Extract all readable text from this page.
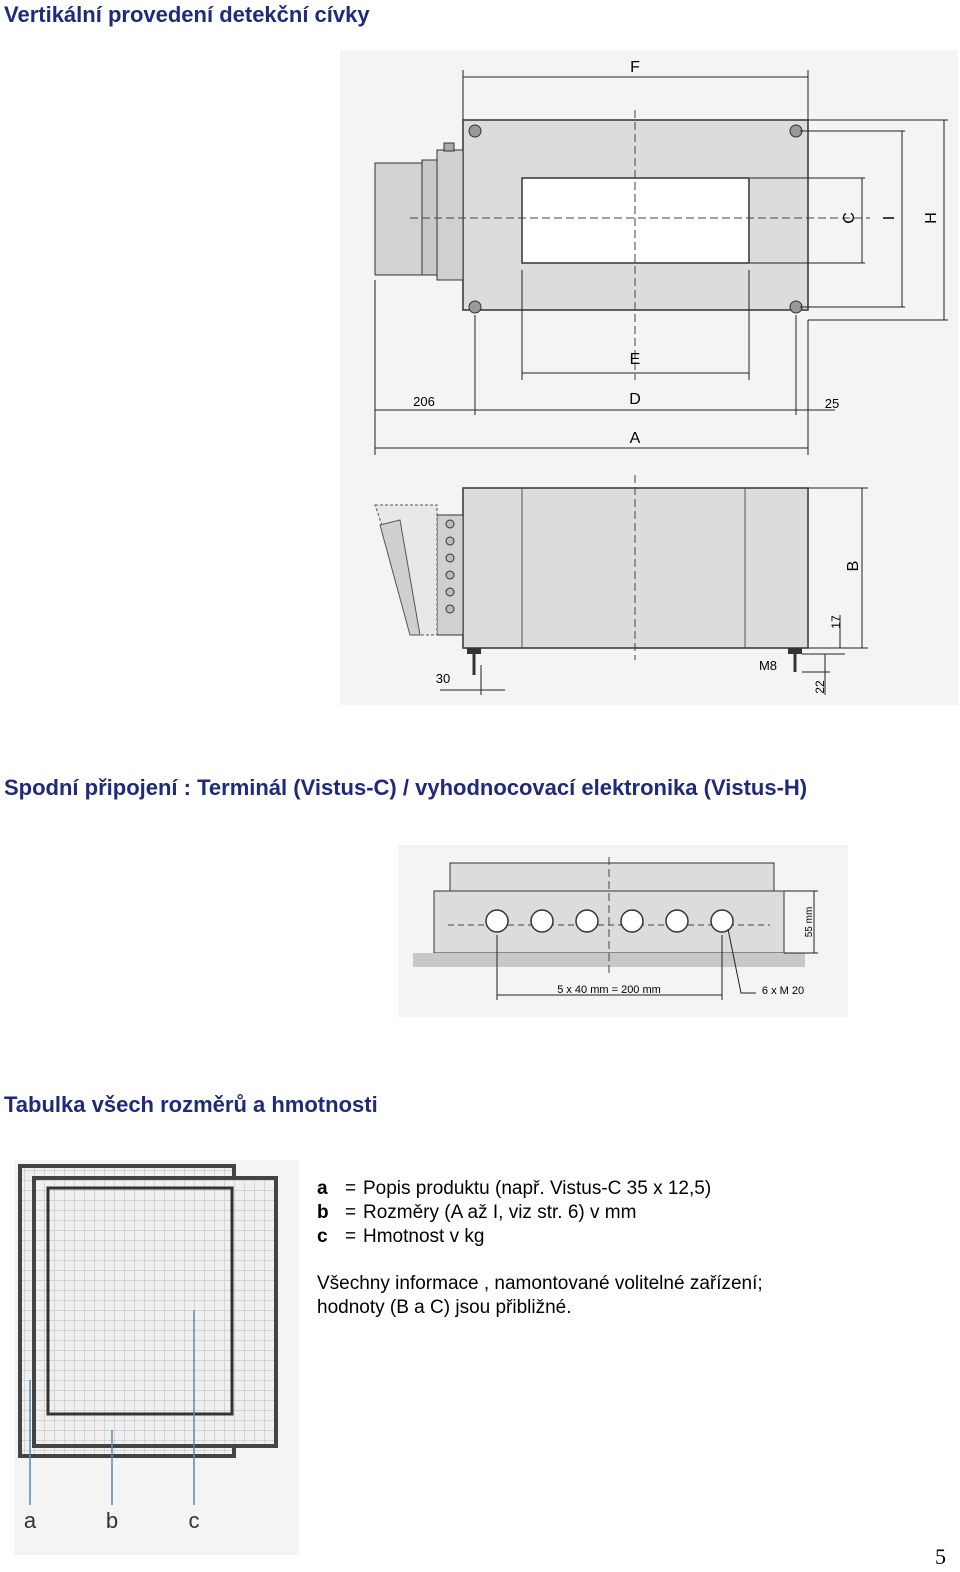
Vertikální provedení detekční cívky
F
C I H
E
206	D	25
A
B
17
22
M8
30
Spodní připojení : Terminál (Vistus-C) / vyhodnocovací elektronika (Vistus-H)
5 x 40 mm = 200 mm	6 x M 20
55 mm
Tabulka všech rozměrů a hmotnosti
a	b	c
a = Popis produktu (např. Vistus-C 35 x 12,5)
b = Rozměry (A až I, viz str. 6) v mm
c = Hmotnost v kg
Všechny informace , namontované volitelné zařízení;
hodnoty (B a C) jsou přibližné.
5
